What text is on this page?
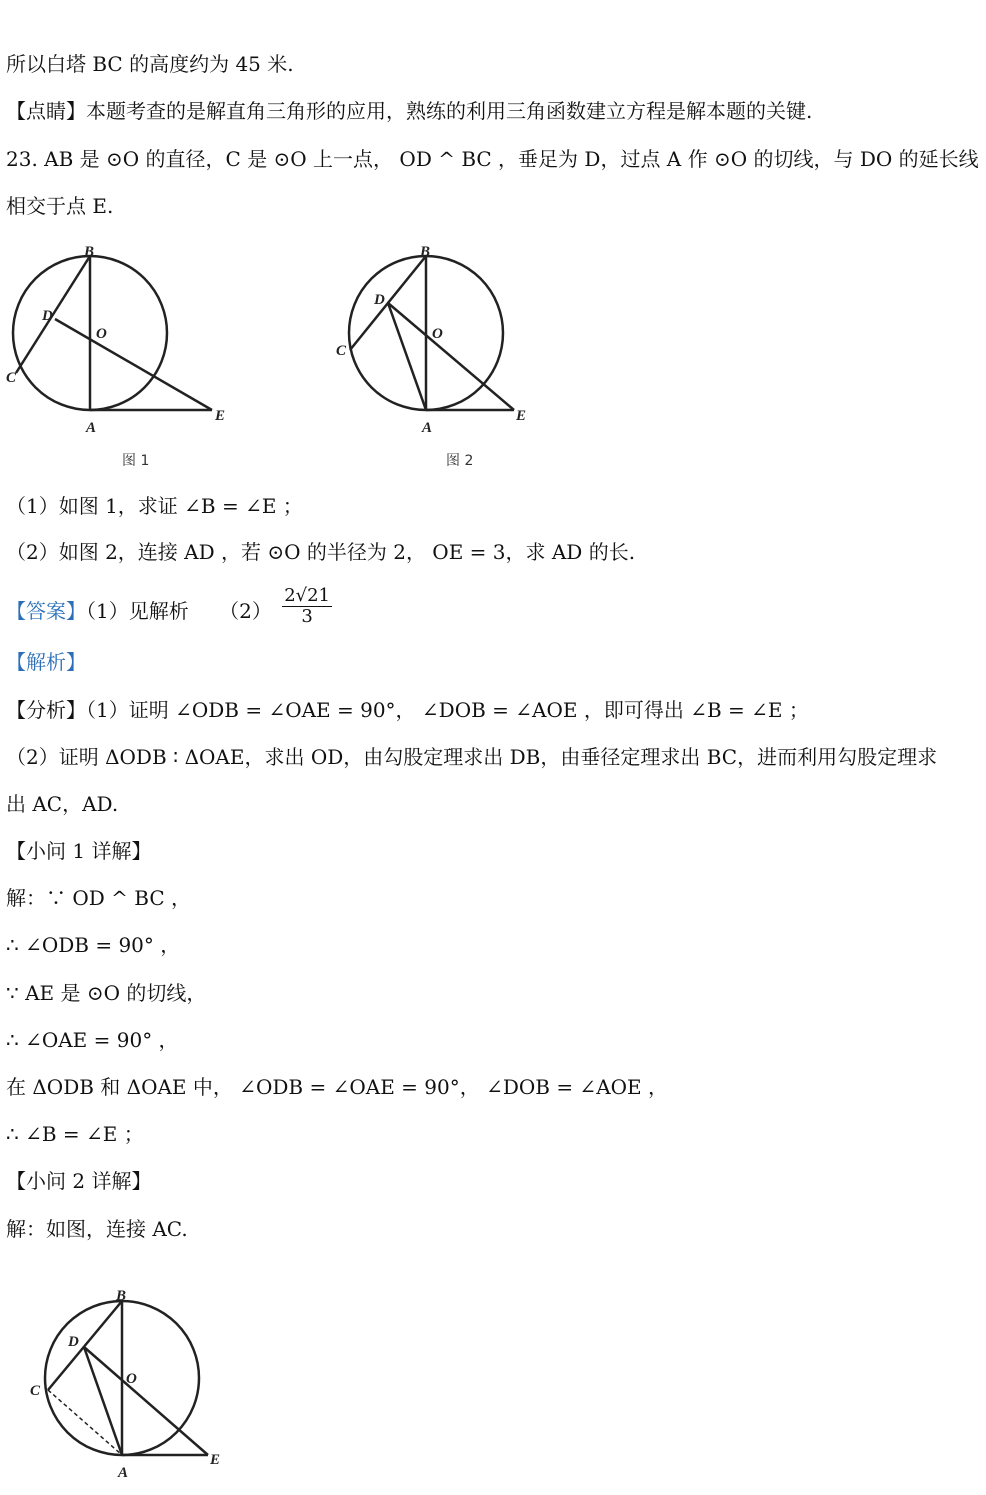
所以白塔 BC 的高度约为 45 米.
【点睛】本题考查的是解直角三角形的应用，熟练的利用三角函数建立方程是解本题的关键.
23. AB 是 ⊙O 的直径，C 是 ⊙O 上一点， OD ^ BC ，垂足为 D，过点 A 作 ⊙O 的切线，与 DO 的延长线
相交于点 E.
B
D
O
C
A
E
图 1
B
D
O
C
A
E
图 2
（1）如图 1，求证 ∠B = ∠E ；
（2）如图 2，连接 AD ，若 ⊙O 的半径为 2， OE = 3，求 AD 的长.
【答案】（1）见解析 $(2) \frac{2√21}{3}$
【解析】
【分析】（1）证明 ∠ODB = ∠OAE = 90°， ∠DOB = ∠AOE ，即可得出 ∠B = ∠E ；
（2）证明 ΔODB ∶ ΔOAE，求出 OD，由勾股定理求出 DB，由垂径定理求出 BC，进而利用勾股定理求
出 AC，AD.
【小问 1 详解】
解：∵ OD ^ BC ，
∴ ∠ODB = 90° ，
∵ AE 是 ⊙O 的切线，
∴ ∠OAE = 90° ，
在 ΔODB 和 ΔOAE 中， ∠ODB = ∠OAE = 90°， ∠DOB = ∠AOE ，
∴ ∠B = ∠E ；
【小问 2 详解】
解：如图，连接 AC.
B
D
O
C
A
E
